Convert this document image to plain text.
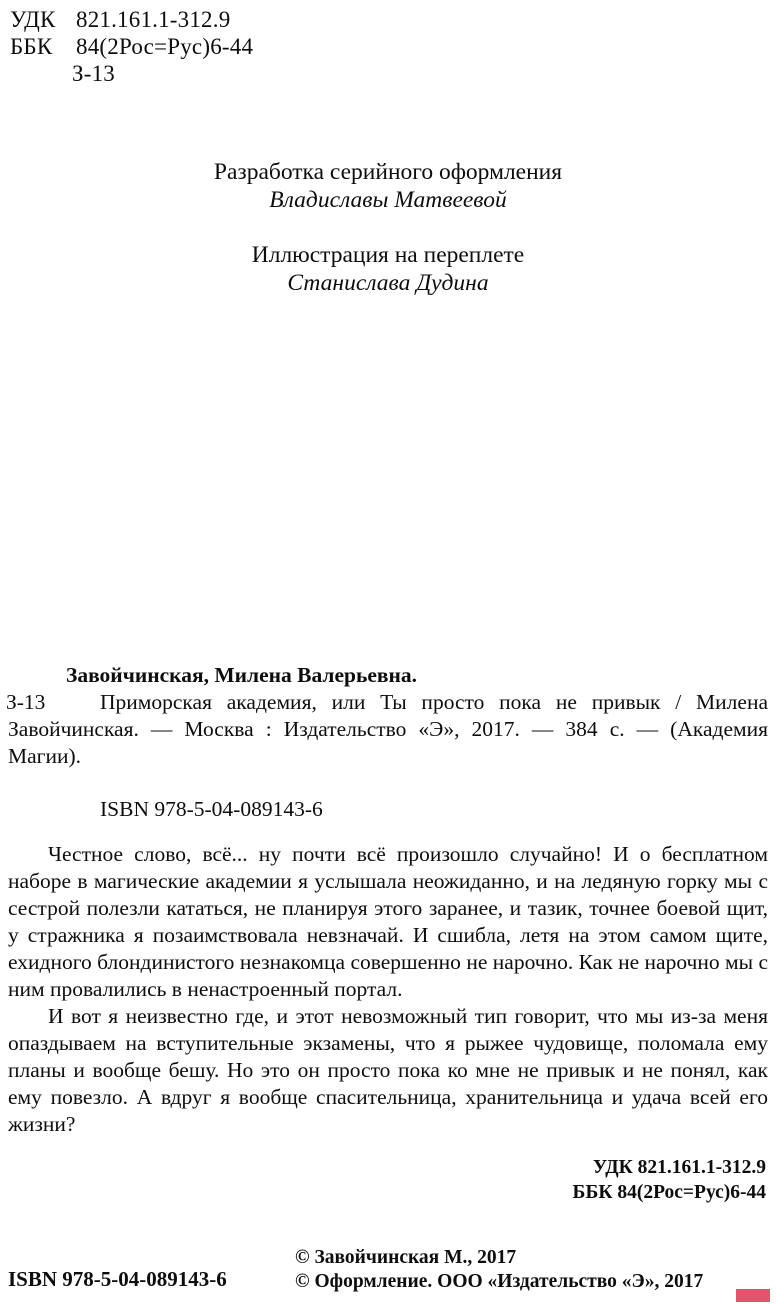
УДК 821.161.1-312.9
ББК 84(2Рос=Рус)6-44
З-13
Разработка серийного оформления
Владиславы Матвеевой
Иллюстрация на переплете
Станислава Дудина
Завойчинская, Милена Валерьевна.
З-13	Приморская академия, или Ты просто пока не привык / Милена Завойчинская. — Москва : Издательство «Э», 2017. — 384 с. — (Академия Магии).

ISBN 978-5-04-089143-6

Честное слово, всё... ну почти всё произошло случайно! И о бесплатном наборе в магические академии я услышала неожиданно, и на ледяную горку мы с сестрой полезли кататься, не планируя этого заранее, и тазик, точнее боевой щит, у стражника я позаимствовала невзначай. И сшибла, летя на этом самом щите, ехидного блондинистого незнакомца совершенно не нарочно. Как не нарочно мы с ним провалились в ненастроенный портал.

И вот я неизвестно где, и этот невозможный тип говорит, что мы из-за меня опаздываем на вступительные экзамены, что я рыжее чудовище, поломала ему планы и вообще бешу. Но это он просто пока ко мне не привык и не понял, как ему повезло. А вдруг я вообще спасительница, хранительница и удача всей его жизни?

УДК 821.161.1-312.9
ББК 84(2Рос=Рус)6-44
ISBN 978-5-04-089143-6
© Завойчинская М., 2017
© Оформление. ООО «Издательство «Э», 2017
